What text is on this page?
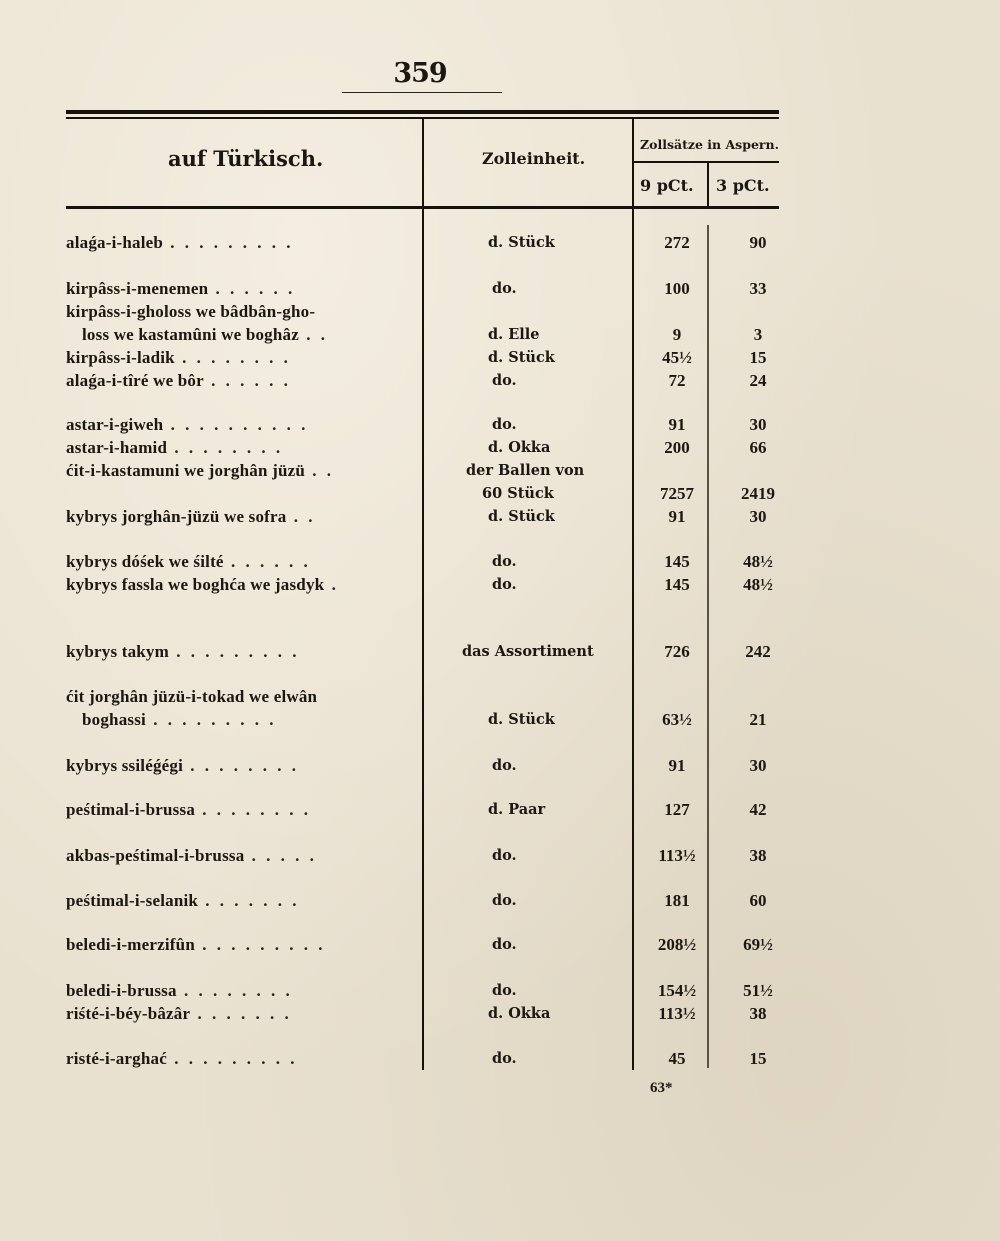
359
auf Türkisch.	Zolleinheit.
Zollsätze in Aspern.
9 pCt. 3 pCt.
alaǵa-i-haleb . . . . . . . . .	d. Stück	272	90
kirpâss-i-menemen . . . . . .	do.	100	33
kirpâss-i-gholoss we bâdbân-gho-
loss we kastamûni we boghâz . .	d. Elle	9	3
kirpâss-i-ladik . . . . . . . .	d. Stück	45½	15
alaǵa-i-tîré we bôr . . . . . .	do.	72	24
astar-i-giweh . . . . . . . . . .	do.	91	30
astar-i-hamid . . . . . . . .	d. Okka	200	66
ćit-i-kastamuni we jorghân jüzü . .	der Ballen von
60 Stück	7257	2419
kybrys jorghân-jüzü we sofra . .	d. Stück	91	30
kybrys dóśek we śilté . . . . . .	do.	145	48½
kybrys fassla we boghća we jasdyk .	do.	145	48½
kybrys takym . . . . . . . . .	das Assortiment	726	242
ćit jorghân jüzü-i-tokad we elwân
boghassi . . . . . . . . .	d. Stück	63½	21
kybrys ssiléǵégi . . . . . . . .	do.	91	30
peśtimal-i-brussa . . . . . . . .	d. Paar	127	42
akbas-peśtimal-i-brussa . . . . .	do.	113½	38
peśtimal-i-selanik . . . . . . .	do.	181	60
beledi-i-merzifûn . . . . . . . . .	do.	208½	69½
beledi-i-brussa . . . . . . . .	do.	154½	51½
riśté-i-béy-bâzâr . . . . . . .	d. Okka	113½	38
risté-i-arghać . . . . . . . . .	do.	45	15
63*
